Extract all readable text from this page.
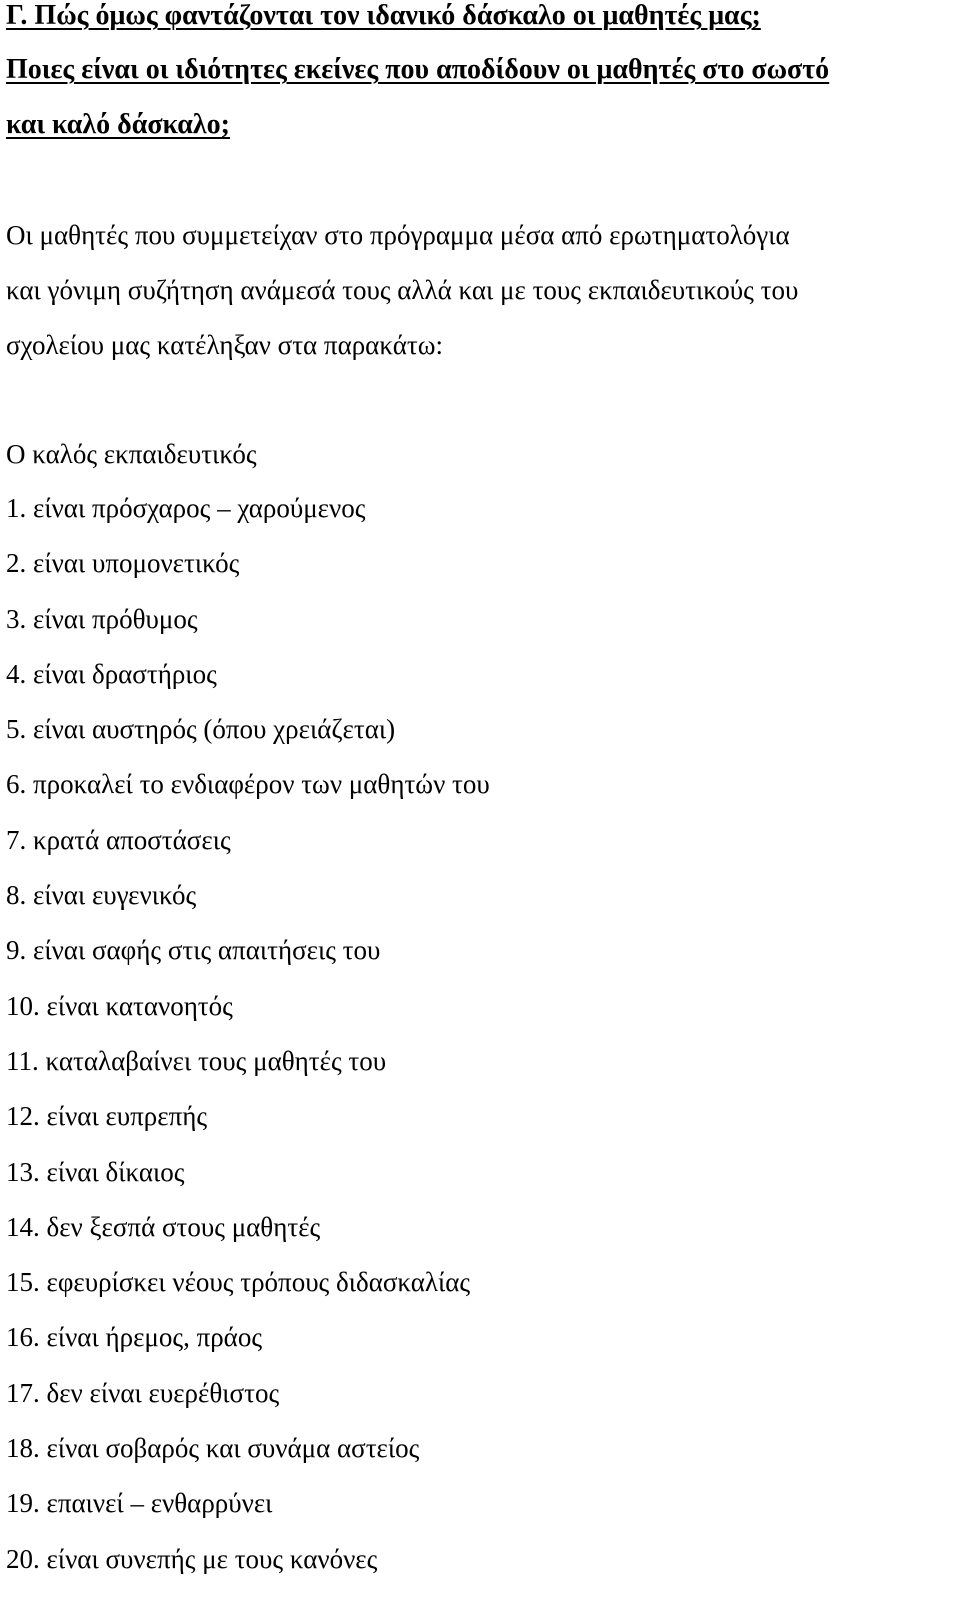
Γ. Πώς όμως φαντάζονται τον ιδανικό δάσκαλο οι μαθητές μας;
Ποιες είναι οι ιδιότητες εκείνες που αποδίδουν οι μαθητές στο σωστό
και καλό δάσκαλο;
Οι μαθητές που συμμετείχαν στο πρόγραμμα μέσα από ερωτηματολόγια
και γόνιμη συζήτηση ανάμεσά τους αλλά και με τους εκπαιδευτικούς του
σχολείου μας κατέληξαν στα παρακάτω:
Ο καλός εκπαιδευτικός
1. είναι πρόσχαρος – χαρούμενος
2. είναι υπομονετικός
3. είναι πρόθυμος
4. είναι δραστήριος
5. είναι αυστηρός (όπου χρειάζεται)
6. προκαλεί το ενδιαφέρον των μαθητών του
7. κρατά αποστάσεις
8. είναι ευγενικός
9. είναι σαφής στις απαιτήσεις του
10. είναι κατανοητός
11. καταλαβαίνει τους μαθητές του
12. είναι ευπρεπής
13. είναι δίκαιος
14. δεν ξεσπά στους μαθητές
15. εφευρίσκει νέους τρόπους διδασκαλίας
16. είναι ήρεμος, πράος
17. δεν είναι ευερέθιστος
18. είναι σοβαρός και συνάμα αστείος
19. επαινεί – ενθαρρύνει
20. είναι συνεπής με τους κανόνες
